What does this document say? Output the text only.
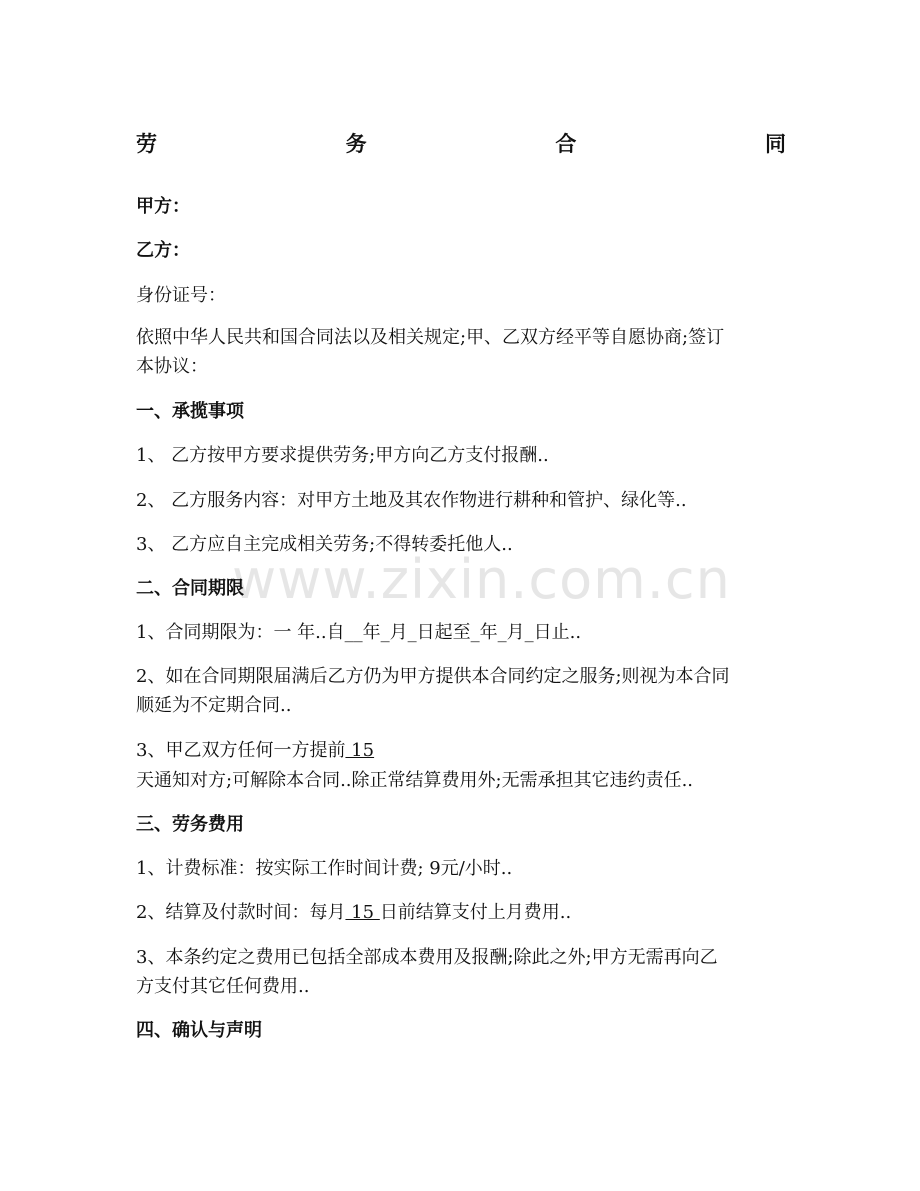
www.zixin.com.cn
劳	务	合	同
甲方：
乙方：
身份证号：
依照中华人民共和国合同法以及相关规定;甲、乙双方经平等自愿协商;签订
本协议：
一、承揽事项
1、 乙方按甲方要求提供劳务;甲方向乙方支付报酬..
2、 乙方服务内容：对甲方土地及其农作物进行耕种和管护、绿化等..
3、 乙方应自主完成相关劳务;不得转委托他人..
二、合同期限
1、合同期限为：一 年..自__年_月_日起至_年_月_日止..
2、如在合同期限届满后乙方仍为甲方提供本合同约定之服务;则视为本合同
顺延为不定期合同..
3、甲乙双方任何一方提前 15
天通知对方;可解除本合同..除正常结算费用外;无需承担其它违约责任..
三、劳务费用
1、计费标准：按实际工作时间计费; 9元/小时..
2、结算及付款时间：每月 15 日前结算支付上月费用..
3、本条约定之费用已包括全部成本费用及报酬;除此之外;甲方无需再向乙
方支付其它任何费用..
四、确认与声明
